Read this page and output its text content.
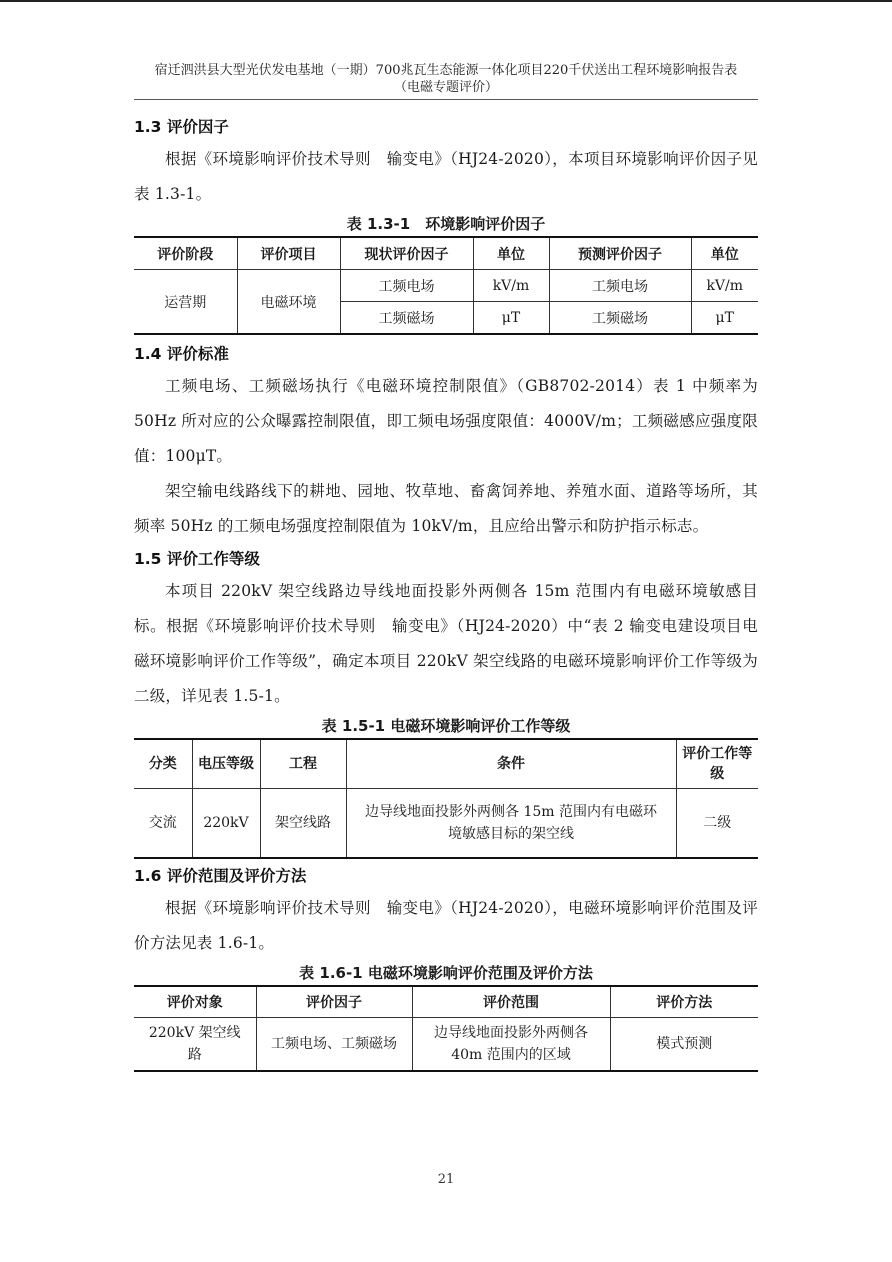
宿迁泗洪县大型光伏发电基地（一期）700兆瓦生态能源一体化项目220千伏送出工程环境影响报告表
（电磁专题评价）
1.3 评价因子

根据《环境影响评价技术导则　输变电》（HJ24-2020），本项目环境影响评价因子见表 1.3-1。

表 1.3-1　环境影响评价因子
评价阶段	评价项目	现状评价因子	单位	预测评价因子	单位
运营期	电磁环境	工频电场	kV/m	工频电场	kV/m
		工频磁场	μT	工频磁场	μT
1.4 评价标准

工频电场、工频磁场执行《电磁环境控制限值》（GB8702-2014）表 1 中频率为 50Hz 所对应的公众曝露控制限值，即工频电场强度限值：4000V/m；工频磁感应强度限值：100μT。

架空输电线路线下的耕地、园地、牧草地、畜禽饲养地、养殖水面、道路等场所，其频率 50Hz 的工频电场强度控制限值为 10kV/m，且应给出警示和防护指示标志。

1.5 评价工作等级

本项目 220kV 架空线路边导线地面投影外两侧各 15m 范围内有电磁环境敏感目标。根据《环境影响评价技术导则　输变电》（HJ24-2020）中“表 2 输变电建设项目电磁环境影响评价工作等级”，确定本项目 220kV 架空线路的电磁环境影响评价工作等级为二级，详见表 1.5-1。

表 1.5-1 电磁环境影响评价工作等级
分类	电压等级	工程	条件	评价工作等级
交流	220kV	架空线路	边导线地面投影外两侧各 15m 范围内有电磁环境敏感目标的架空线	二级
1.6 评价范围及评价方法

根据《环境影响评价技术导则　输变电》（HJ24-2020），电磁环境影响评价范围及评价方法见表 1.6-1。

表 1.6-1 电磁环境影响评价范围及评价方法
评价对象	评价因子	评价范围	评价方法
220kV 架空线路	工频电场、工频磁场	边导线地面投影外两侧各 40m 范围内的区域	模式预测
21
